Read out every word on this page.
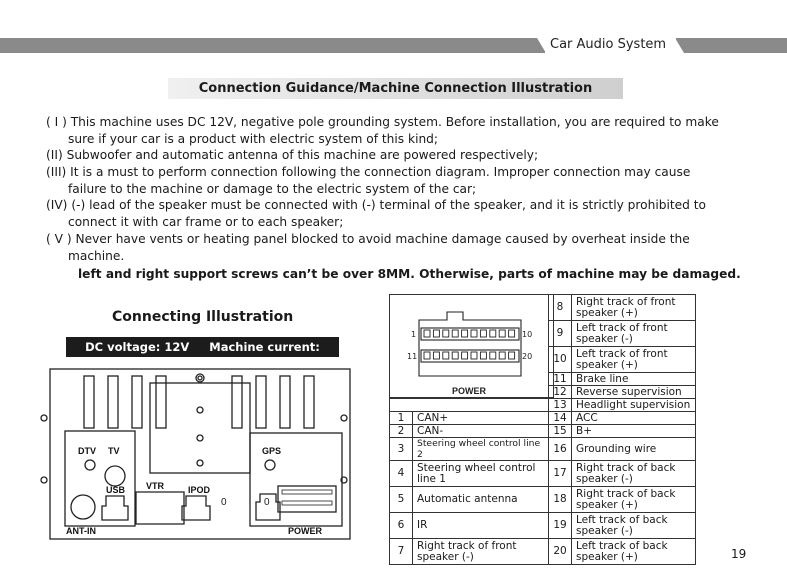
Car Audio System
Connection Guidance/Machine Connection Illustration
( I ) This machine uses DC 12V, negative pole grounding system. Before installation, you are required to make
sure if your car is a product with electric system of this kind;
(II) Subwoofer and automatic antenna of this machine are powered respectively;
(III) It is a must to perform connection following the connection diagram. Improper connection may cause
failure to the machine or damage to the electric system of the car;
(IV) (-) lead of the speaker must be connected with (-) terminal of the speaker, and it is strictly prohibited to
connect it with car frame or to each speaker;
( V ) Never have vents or heating panel blocked to avoid machine damage caused by overheat inside the
machine.
left and right support screws can’t be over 8MM. Otherwise, parts of machine may be damaged.
Connecting Illustration
DC voltage: 12V Machine current: <15A
DTV TV	GPS
USB VTR	IPOD
ANT-IN	POWER
0	0
1	10
11	20
POWER
		8	Right track of front speaker (+)
		9	Left track of front speaker (-)
		10	Left track of front speaker (+)
		11	Brake line
		12	Reverse supervision
		13	Headlight supervision
1	CAN+	14	ACC
2	CAN-	15	B+
3	Steering wheel control line 2	16	Grounding wire
4	Steering wheel control line 1	17	Right track of back speaker (-)
5	Automatic antenna	18	Right track of back speaker (+)
6	IR	19	Left track of back speaker (-)
7	Right track of front speaker (-)	20	Left track of back speaker (+)	19
